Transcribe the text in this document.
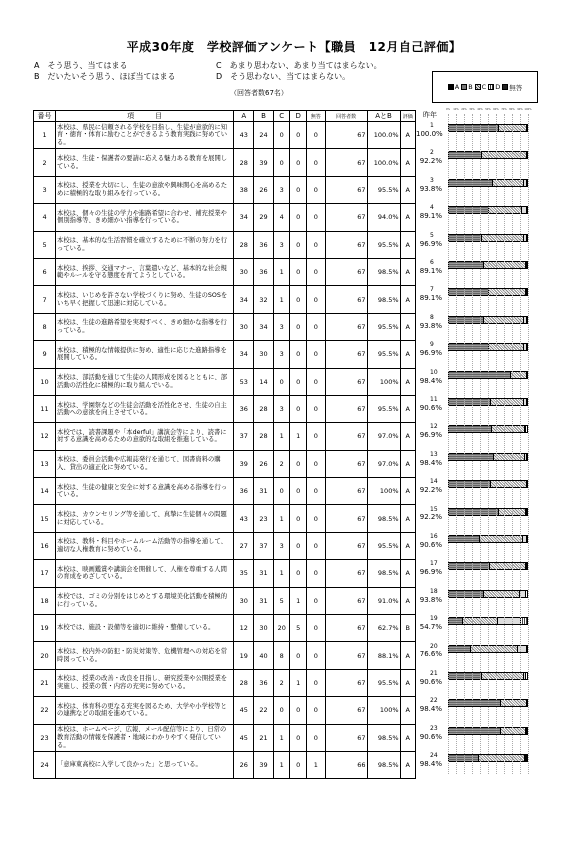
平成30年度　学校評価アンケート【職員　12月自己評価】
A　そう思う、当てはまる	C　あまり思わない、あまり当てはまらない。
B　だいたいそう思う、ほぼ当てはまる	D　そう思わない、当てはまらない。
（回答者数67名）
A B C D 無答
番号	項　　　目	A	B	C	D	無答	回答者数	AとB	評価
1	本校は、県民に信頼される学校を目指し、生徒が意欲的に知育・徳育・体育に励むことができるよう教育実践に努めている。	43	24	0	0	0	67	100.0%	A
2	本校は、生徒・保護者の要請に応える魅力ある教育を展開している。	28	39	0	0	0	67	100.0%	A
3	本校は、授業を大切にし、生徒の意欲や興味関心を高めるために積極的な取り組みを行っている。	38	26	3	0	0	67	95.5%	A
4	本校は、個々の生徒の学力や進路希望に合わせ、補充授業や個別指導等、きめ細かい指導を行っている。	34	29	4	0	0	67	94.0%	A
5	本校は、基本的な生活習慣を確立するために不断の努力を行っている。	28	36	3	0	0	67	95.5%	A
6	本校は、挨拶、交通マナー、言葉遣いなど、基本的な社会規範やルールを守る態度を育てようとしている。	30	36	1	0	0	67	98.5%	A
7	本校は、いじめを許さない学校づくりに努め、生徒のSOSをいち早く把握して迅速に対応している。	34	32	1	0	0	67	98.5%	A
8	本校は、生徒の進路希望を実現すべく、きめ細かな指導を行っている。	30	34	3	0	0	67	95.5%	A
9	本校は、積極的な情報提供に努め、適性に応じた進路指導を展開している。	34	30	3	0	0	67	95.5%	A
10	本校は、部活動を通じて生徒の人間形成を図るとともに、部活動の活性化に積極的に取り組んでいる。	53	14	0	0	0	67	100%	A
11	本校は、学園祭などの生徒会活動を活性化させ、生徒の自主活動への意欲を向上させている。	36	28	3	0	0	67	95.5%	A
12	本校では、読書課題や「本derful」講演会等により、読書に対する意識を高めるための意欲的な取組を推進している。	37	28	1	1	0	67	97.0%	A
13	本校は、委員会活動や広報誌発行を通じて、図書資料の購入、貸出の適正化に努めている。	39	26	2	0	0	67	97.0%	A
14	本校は、生徒の健康と安全に対する意識を高める指導を行っている。	36	31	0	0	0	67	100%	A
15	本校は、カウンセリング等を通して、真摯に生徒個々の問題に対応している。	43	23	1	0	0	67	98.5%	A
16	本校は、教科・科目やホームルーム活動等の指導を通して、適切な人権教育に努めている。	27	37	3	0	0	67	95.5%	A
17	本校は、映画鑑賞や講演会を開催して、人権を尊重する人間の育成をめざしている。	35	31	1	0	0	67	98.5%	A
18	本校では、ゴミの分別をはじめとする環境美化活動を積極的に行っている。	30	31	5	1	0	67	91.0%	A
19	本校では、施設・設備等を適切に維持・整備している。	12	30	20	5	0	67	62.7%	B
20	本校は、校内外の防犯・防災対策等、危機管理への対応を常時図っている。	19	40	8	0	0	67	88.1%	A
21	本校は、授業の改善・改良を目指し、研究授業や公開授業を実施し、授業の質・内容の充実に努めている。	28	36	2	1	0	67	95.5%	A
22	本校は、体育科の更なる充実を図るため、大学や小学校等との連携などの取組を進めている。	45	22	0	0	0	67	100%	A
23	本校は、ホームページ、広報、メール配信等により、日常の教育活動の情報を保護者・地域にわかりやすく発信している。	45	21	1	0	0	67	98.5%	A
24	「意庫東高校に入学して良かった」と思っている。	26	39	1	0	1	66	98.5%	A
昨年
100.0%
92.2%
93.8%
89.1%
96.9%
89.1%
89.1%
93.8%
96.9%
98.4%
90.6%
96.9%
98.4%
92.2%
92.2%
90.6%
96.9%
93.8%
54.7%
76.6%
90.6%
98.4%
90.6%
98.4%
0% 10% 20% 30% 40% 50% 60% 70% 80% 90% 100%
1
2
3
4
5
6
7
8
9
10
11
12
13
14
15
16
17
18
19
20
21
22
23
24
